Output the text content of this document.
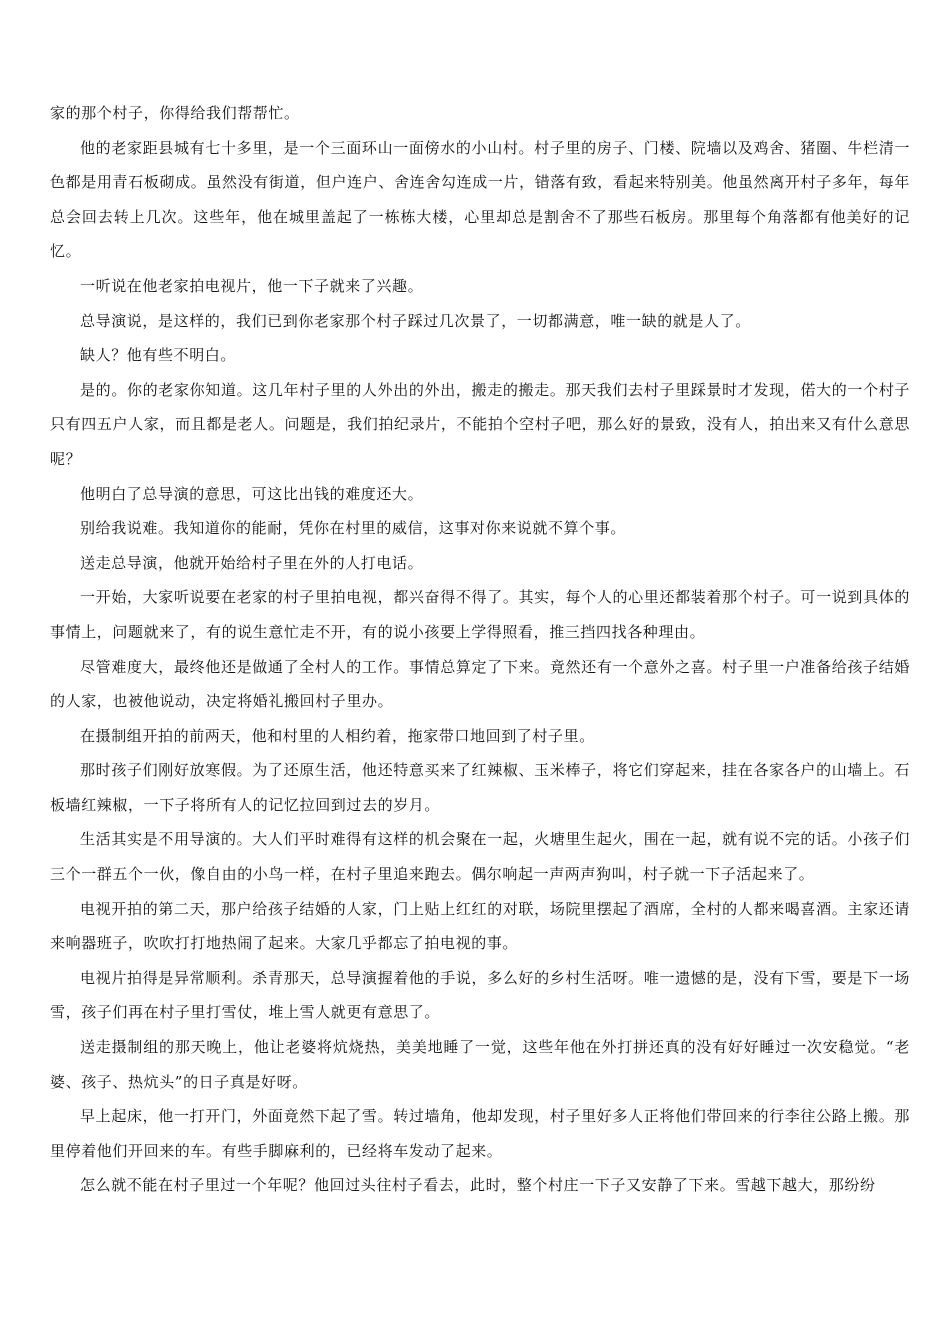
家的那个村子，你得给我们帮帮忙。

他的老家距县城有七十多里，是一个三面环山一面傍水的小山村。村子里的房子、门楼、院墙以及鸡舍、猪圈、牛栏清一色都是用青石板砌成。虽然没有街道，但户连户、舍连舍勾连成一片，错落有致，看起来特别美。他虽然离开村子多年，每年总会回去转上几次。这些年，他在城里盖起了一栋栋大楼，心里却总是割舍不了那些石板房。那里每个角落都有他美好的记忆。

一听说在他老家拍电视片，他一下子就来了兴趣。

总导演说，是这样的，我们已到你老家那个村子踩过几次景了，一切都满意，唯一缺的就是人了。

缺人？他有些不明白。

是的。你的老家你知道。这几年村子里的人外出的外出，搬走的搬走。那天我们去村子里踩景时才发现，偌大的一个村子只有四五户人家，而且都是老人。问题是，我们拍纪录片，不能拍个空村子吧，那么好的景致，没有人，拍出来又有什么意思呢？

他明白了总导演的意思，可这比出钱的难度还大。

别给我说难。我知道你的能耐，凭你在村里的威信，这事对你来说就不算个事。

送走总导演，他就开始给村子里在外的人打电话。

一开始，大家听说要在老家的村子里拍电视，都兴奋得不得了。其实，每个人的心里还都装着那个村子。可一说到具体的事情上，问题就来了，有的说生意忙走不开，有的说小孩要上学得照看，推三挡四找各种理由。

尽管难度大，最终他还是做通了全村人的工作。事情总算定了下来。竟然还有一个意外之喜。村子里一户准备给孩子结婚的人家，也被他说动，决定将婚礼搬回村子里办。

在摄制组开拍的前两天，他和村里的人相约着，拖家带口地回到了村子里。

那时孩子们刚好放寒假。为了还原生活，他还特意买来了红辣椒、玉米棒子，将它们穿起来，挂在各家各户的山墙上。石板墙红辣椒，一下子将所有人的记忆拉回到过去的岁月。

生活其实是不用导演的。大人们平时难得有这样的机会聚在一起，火塘里生起火，围在一起，就有说不完的话。小孩子们三个一群五个一伙，像自由的小鸟一样，在村子里追来跑去。偶尔响起一声两声狗叫，村子就一下子活起来了。

电视开拍的第二天，那户给孩子结婚的人家，门上贴上红红的对联，场院里摆起了酒席，全村的人都来喝喜酒。主家还请来响器班子，吹吹打打地热闹了起来。大家几乎都忘了拍电视的事。

电视片拍得是异常顺利。杀青那天，总导演握着他的手说，多么好的乡村生活呀。唯一遗憾的是，没有下雪，要是下一场雪，孩子们再在村子里打雪仗，堆上雪人就更有意思了。

送走摄制组的那天晚上，他让老婆将炕烧热，美美地睡了一觉，这些年他在外打拼还真的没有好好睡过一次安稳觉。“老婆、孩子、热炕头”的日子真是好呀。

早上起床，他一打开门，外面竟然下起了雪。转过墙角，他却发现，村子里好多人正将他们带回来的行李往公路上搬。那里停着他们开回来的车。有些手脚麻利的，已经将车发动了起来。

怎么就不能在村子里过一个年呢？他回过头往村子看去，此时，整个村庄一下子又安静了下来。雪越下越大，那纷纷
